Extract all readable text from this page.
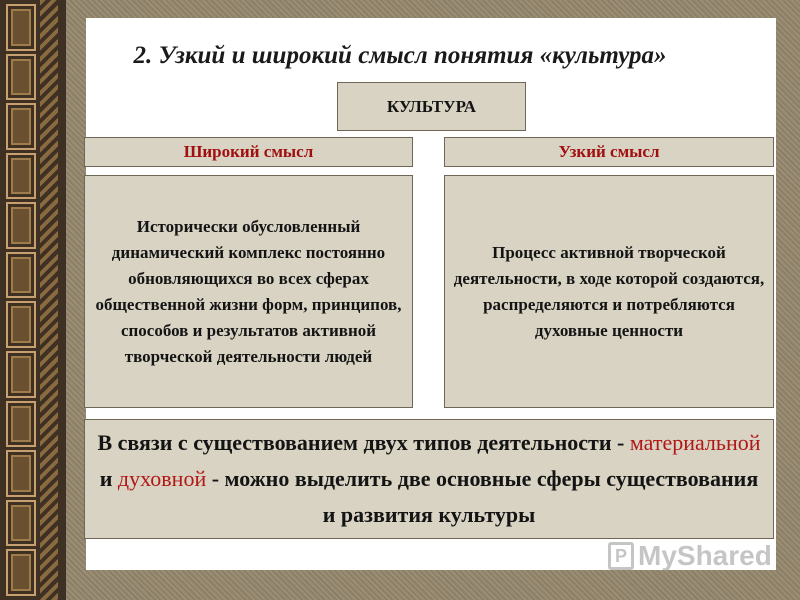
2. Узкий и широкий смысл понятия «культура»
КУЛЬТУРА
Широкий смысл	Узкий смысл
Исторически обусловленный динамический комплекс постоянно обновляющихся во всех сферах общественной жизни форм, принципов, способов и результатов активной творческой деятельности людей
Процесс активной творческой деятельности, в ходе которой создаются, распределяются и потребляются духовные ценности
В связи с существованием двух типов деятельности - материальной и духовной - можно выделить две основные сферы существования и развития культуры
P MyShared
